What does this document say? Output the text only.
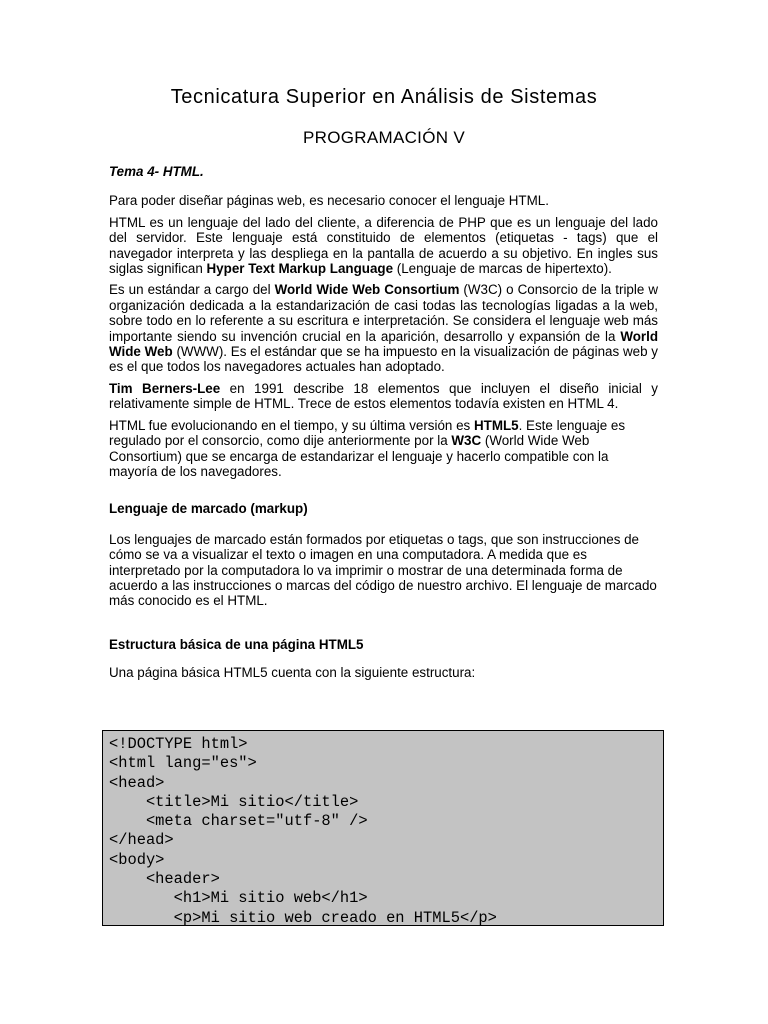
Tecnicatura Superior en Análisis de Sistemas
PROGRAMACIÓN V

Tema 4- HTML.

Para poder diseñar páginas web, es necesario conocer el lenguaje HTML.

HTML es un lenguaje del lado del cliente, a diferencia de PHP que es un lenguaje del lado del servidor. Este lenguaje está constituido de elementos (etiquetas - tags) que el navegador interpreta y las despliega en la pantalla de acuerdo a su objetivo. En ingles sus siglas significan Hyper Text Markup Language (Lenguaje de marcas de hipertexto).

Es un estándar a cargo del World Wide Web Consortium (W3C) o Consorcio de la triple w organización dedicada a la estandarización de casi todas las tecnologías ligadas a la web, sobre todo en lo referente a su escritura e interpretación. Se considera el lenguaje web más importante siendo su invención crucial en la aparición, desarrollo y expansión de la World Wide Web (WWW). Es el estándar que se ha impuesto en la visualización de páginas web y es el que todos los navegadores actuales han adoptado.

Tim Berners-Lee en 1991 describe 18 elementos que incluyen el diseño inicial y relativamente simple de HTML. Trece de estos elementos todavía existen en HTML 4.

HTML fue evolucionando en el tiempo, y su última versión es HTML5. Este lenguaje es regulado por el consorcio, como dije anteriormente por la W3C (World Wide Web Consortium) que se encarga de estandarizar el lenguaje y hacerlo compatible con la mayoría de los navegadores.

Lenguaje de marcado (markup)

Los lenguajes de marcado están formados por etiquetas o tags, que son instrucciones de cómo se va a visualizar el texto o imagen en una computadora. A medida que es interpretado por la computadora lo va imprimir o mostrar de una determinada forma de acuerdo a las instrucciones o marcas del código de nuestro archivo. El lenguaje de marcado más conocido es el HTML.

Estructura básica de una página HTML5

Una página básica HTML5 cuenta con la siguiente estructura:

<!DOCTYPE html>
<html lang="es">
<head>
<title>Mi sitio</title>
<meta charset="utf-8" />
</head>
<body>
<header>
<h1>Mi sitio web</h1>
<p>Mi sitio web creado en HTML5</p>
